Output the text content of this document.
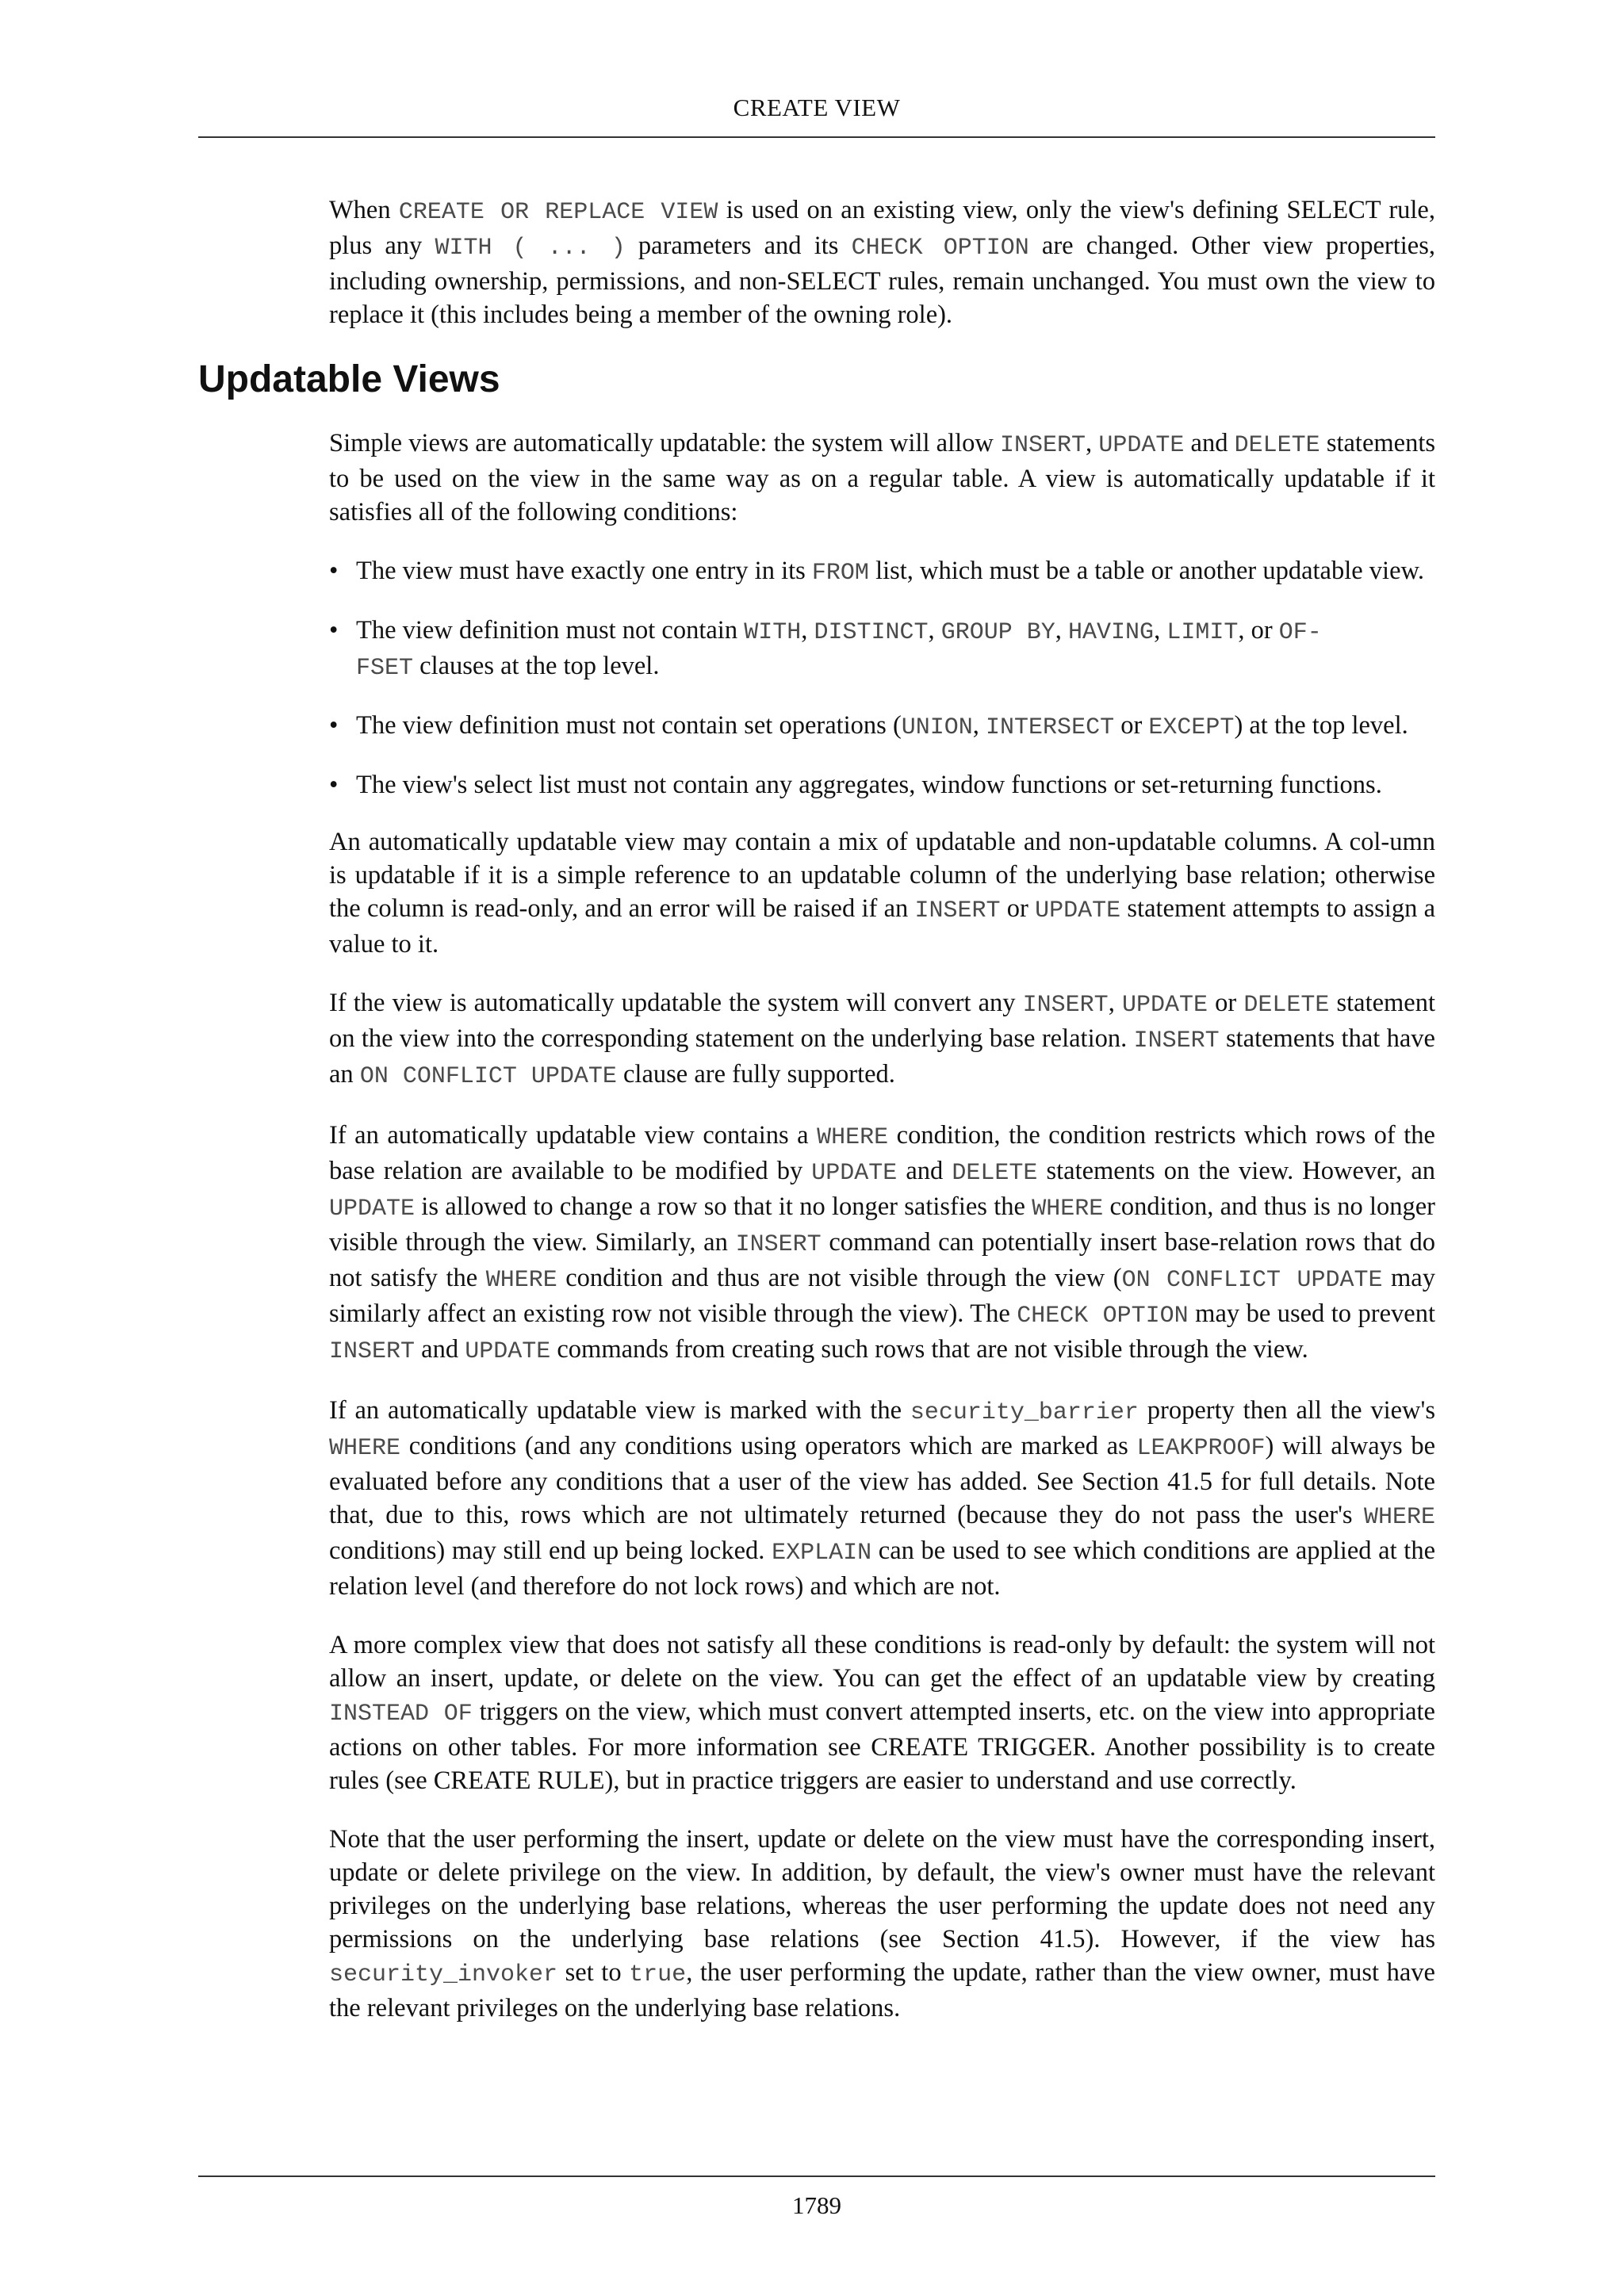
CREATE VIEW

When CREATE OR REPLACE VIEW is used on an existing view, only the view's defining SELECT rule, plus any WITH ( ... ) parameters and its CHECK OPTION are changed. Other view properties, including ownership, permissions, and non-SELECT rules, remain unchanged. You must own the view to replace it (this includes being a member of the owning role).

Updatable Views

Simple views are automatically updatable: the system will allow INSERT, UPDATE and DELETE statements to be used on the view in the same way as on a regular table. A view is automatically updatable if it satisfies all of the following conditions:

• The view must have exactly one entry in its FROM list, which must be a table or another updatable view.
• The view definition must not contain WITH, DISTINCT, GROUP BY, HAVING, LIMIT, or OF-
FSET clauses at the top level.
• The view definition must not contain set operations (UNION, INTERSECT or EXCEPT) at the top level.
• The view's select list must not contain any aggregates, window functions or set-returning functions.

An automatically updatable view may contain a mix of updatable and non-updatable columns. A col-umn is updatable if it is a simple reference to an updatable column of the underlying base relation; otherwise the column is read-only, and an error will be raised if an INSERT or UPDATE statement attempts to assign a value to it.

If the view is automatically updatable the system will convert any INSERT, UPDATE or DELETE statement on the view into the corresponding statement on the underlying base relation. INSERT statements that have an ON CONFLICT UPDATE clause are fully supported.

If an automatically updatable view contains a WHERE condition, the condition restricts which rows of the base relation are available to be modified by UPDATE and DELETE statements on the view. However, an UPDATE is allowed to change a row so that it no longer satisfies the WHERE condition, and thus is no longer visible through the view. Similarly, an INSERT command can potentially insert base-relation rows that do not satisfy the WHERE condition and thus are not visible through the view (ON CONFLICT UPDATE may similarly affect an existing row not visible through the view). The CHECK OPTION may be used to prevent INSERT and UPDATE commands from creating such rows that are not visible through the view.

If an automatically updatable view is marked with the security_barrier property then all the view's WHERE conditions (and any conditions using operators which are marked as LEAKPROOF) will always be evaluated before any conditions that a user of the view has added. See Section 41.5 for full details. Note that, due to this, rows which are not ultimately returned (because they do not pass the user's WHERE conditions) may still end up being locked. EXPLAIN can be used to see which conditions are applied at the relation level (and therefore do not lock rows) and which are not.

A more complex view that does not satisfy all these conditions is read-only by default: the system will not allow an insert, update, or delete on the view. You can get the effect of an updatable view by creating INSTEAD OF triggers on the view, which must convert attempted inserts, etc. on the view into appropriate actions on other tables. For more information see CREATE TRIGGER. Another possibility is to create rules (see CREATE RULE), but in practice triggers are easier to understand and use correctly.

Note that the user performing the insert, update or delete on the view must have the corresponding insert, update or delete privilege on the view. In addition, by default, the view's owner must have the relevant privileges on the underlying base relations, whereas the user performing the update does not need any permissions on the underlying base relations (see Section 41.5). However, if the view has security_invoker set to true, the user performing the update, rather than the view owner, must have the relevant privileges on the underlying base relations.

1789
